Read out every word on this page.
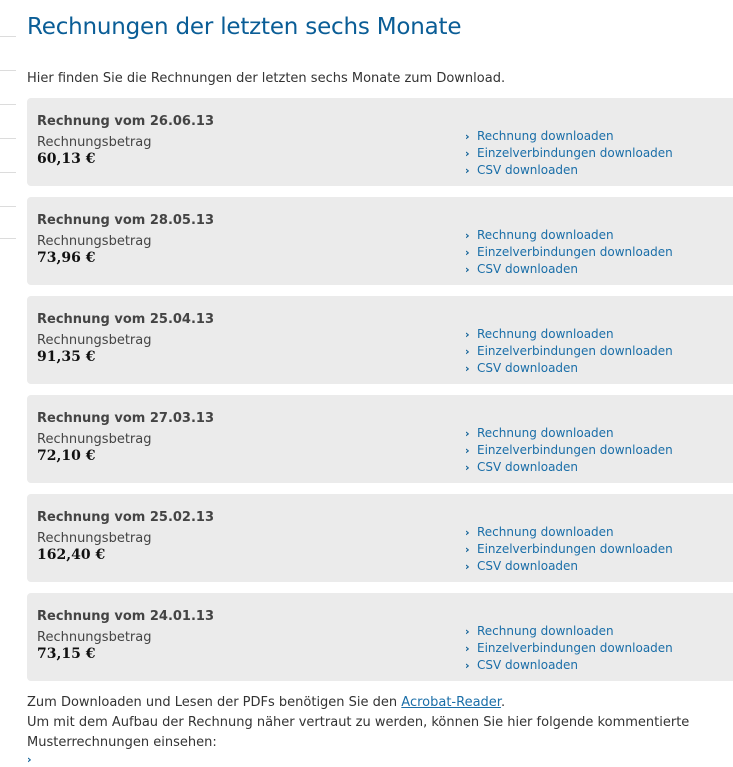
Rechnungen der letzten sechs Monate
Hier finden Sie die Rechnungen der letzten sechs Monate zum Download.
Rechnung vom 26.06.13
Rechnungsbetrag
60,13 €
› Rechnung downloaden
› Einzelverbindungen downloaden
› CSV downloaden
Rechnung vom 28.05.13
Rechnungsbetrag
73,96 €
› Rechnung downloaden
› Einzelverbindungen downloaden
› CSV downloaden
Rechnung vom 25.04.13
Rechnungsbetrag
91,35 €
› Rechnung downloaden
› Einzelverbindungen downloaden
› CSV downloaden
Rechnung vom 27.03.13
Rechnungsbetrag
72,10 €
› Rechnung downloaden
› Einzelverbindungen downloaden
› CSV downloaden
Rechnung vom 25.02.13
Rechnungsbetrag
162,40 €
› Rechnung downloaden
› Einzelverbindungen downloaden
› CSV downloaden
Rechnung vom 24.01.13
Rechnungsbetrag
73,15 €
› Rechnung downloaden
› Einzelverbindungen downloaden
› CSV downloaden

Zum Downloaden und Lesen der PDFs benötigen Sie den Acrobat-Reader.

Um mit dem Aufbau der Rechnung näher vertraut zu werden, können Sie hier folgende kommentierte Musterrechnungen einsehen:

›
